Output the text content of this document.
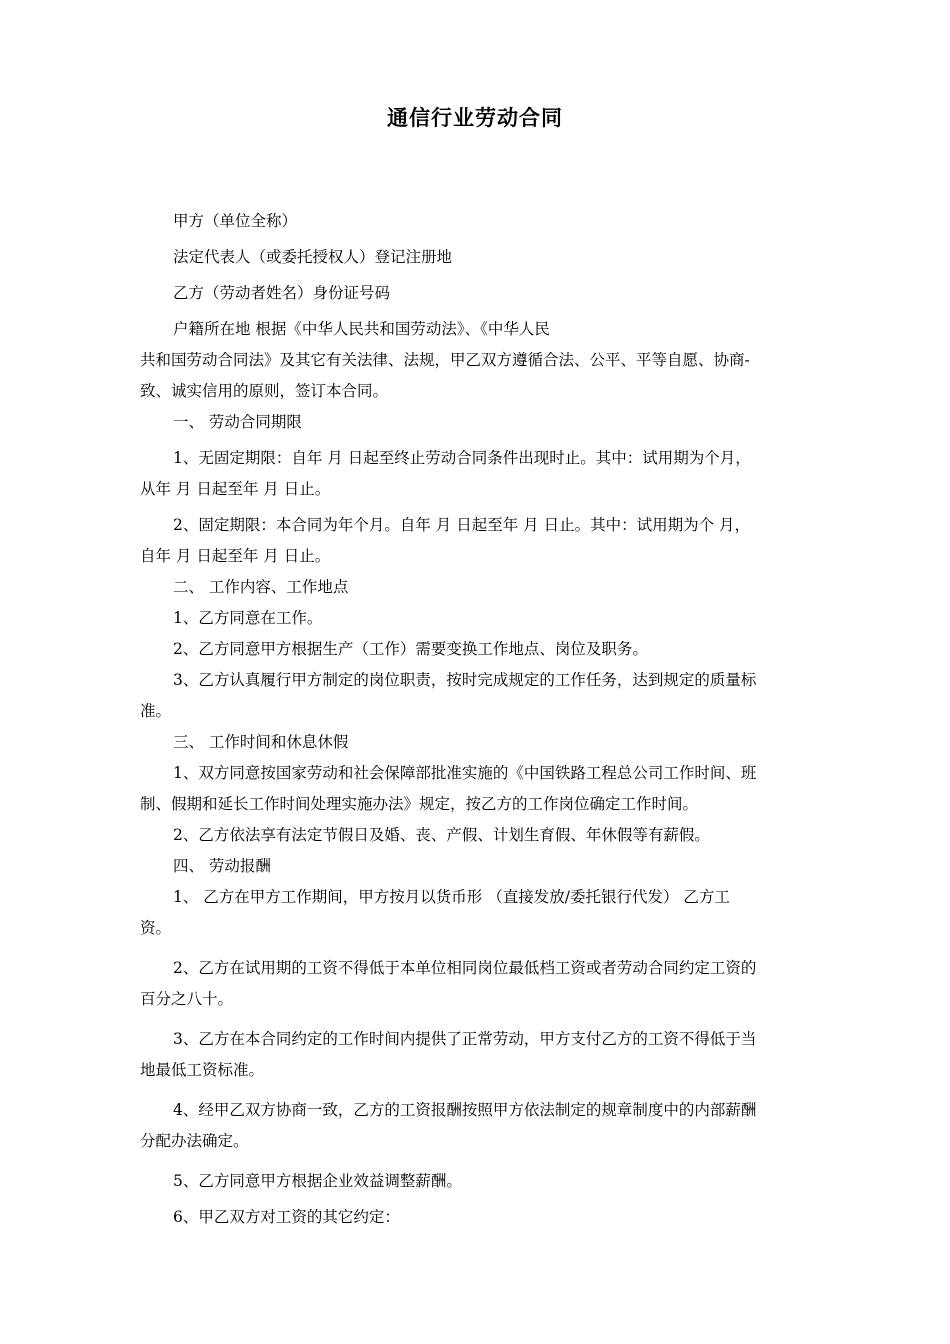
通信行业劳动合同

甲方（单位全称）

法定代表人（或委托授权人）登记注册地

乙方（劳动者姓名）身份证号码

户籍所在地 根据《中华人民共和国劳动法》、《中华人民

共和国劳动合同法》及其它有关法律、法规，甲乙双方遵循合法、公平、平等自愿、协商-

致、诚实信用的原则，签订本合同。

一、 劳动合同期限

1、无固定期限：自年 月 日起至终止劳动合同条件出现时止。其中：试用期为个月，

从年 月 日起至年 月 日止。

2、固定期限：本合同为年个月。自年 月 日起至年 月 日止。其中：试用期为个 月，

自年 月 日起至年 月 日止。

二、 工作内容、工作地点

1、乙方同意在工作。

2、乙方同意甲方根据生产（工作）需要变换工作地点、岗位及职务。

3、乙方认真履行甲方制定的岗位职责，按时完成规定的工作任务，达到规定的质量标

准。

三、 工作时间和休息休假

1、双方同意按国家劳动和社会保障部批准实施的《中国铁路工程总公司工作时间、班

制、假期和延长工作时间处理实施办法》规定，按乙方的工作岗位确定工作时间。

2、乙方依法享有法定节假日及婚、丧、产假、计划生育假、年休假等有薪假。

四、 劳动报酬

1、 乙方在甲方工作期间，甲方按月以货币形 （直接发放/委托银行代发） 乙方工

资。

2、乙方在试用期的工资不得低于本单位相同岗位最低档工资或者劳动合同约定工资的

百分之八十。

3、乙方在本合同约定的工作时间内提供了正常劳动，甲方支付乙方的工资不得低于当

地最低工资标准。

4、经甲乙双方协商一致，乙方的工资报酬按照甲方依法制定的规章制度中的内部薪酬

分配办法确定。

5、乙方同意甲方根据企业效益调整薪酬。

6、甲乙双方对工资的其它约定：
